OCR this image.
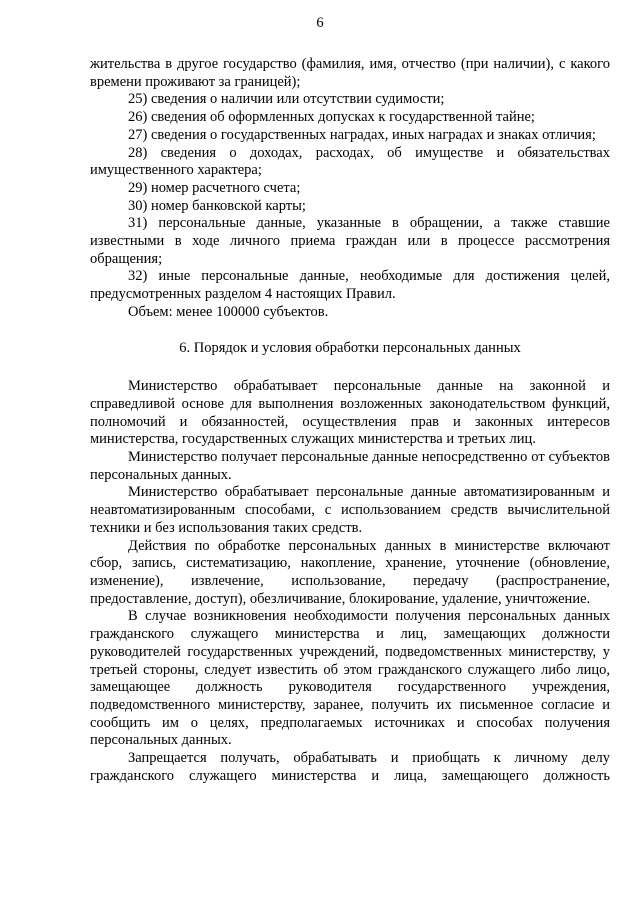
6

жительства в другое государство (фамилия, имя, отчество (при наличии), с какого времени проживают за границей);

25) сведения о наличии или отсутствии судимости;

26) сведения об оформленных допусках к государственной тайне;

27) сведения о государственных наградах, иных наградах и знаках отличия;

28) сведения о доходах, расходах, об имуществе и обязательствах имущественного характера;

29) номер расчетного счета;

30) номер банковской карты;

31) персональные данные, указанные в обращении, а также ставшие известными в ходе личного приема граждан или в процессе рассмотрения обращения;

32) иные персональные данные, необходимые для достижения целей, предусмотренных разделом 4 настоящих Правил.

Объем: менее 100000 субъектов.

6. Порядок и условия обработки персональных данных

Министерство обрабатывает персональные данные на законной и справедливой основе для выполнения возложенных законодательством функций, полномочий и обязанностей, осуществления прав и законных интересов министерства, государственных служащих министерства и третьих лиц.

Министерство получает персональные данные непосредственно от субъектов персональных данных.

Министерство обрабатывает персональные данные автоматизированным и неавтоматизированным способами, с использованием средств вычислительной техники и без использования таких средств.

Действия по обработке персональных данных в министерстве включают сбор, запись, систематизацию, накопление, хранение, уточнение (обновление, изменение), извлечение, использование, передачу (распространение, предоставление, доступ), обезличивание, блокирование, удаление, уничтожение.

В случае возникновения необходимости получения персональных данных гражданского служащего министерства и лиц, замещающих должности руководителей государственных учреждений, подведомственных министерству, у третьей стороны, следует известить об этом гражданского служащего либо лицо, замещающее должность руководителя государственного учреждения, подведомственного министерству, заранее, получить их письменное согласие и сообщить им о целях, предполагаемых источниках и способах получения персональных данных.

Запрещается получать, обрабатывать и приобщать к личному делу гражданского служащего министерства и лица, замещающего должность
